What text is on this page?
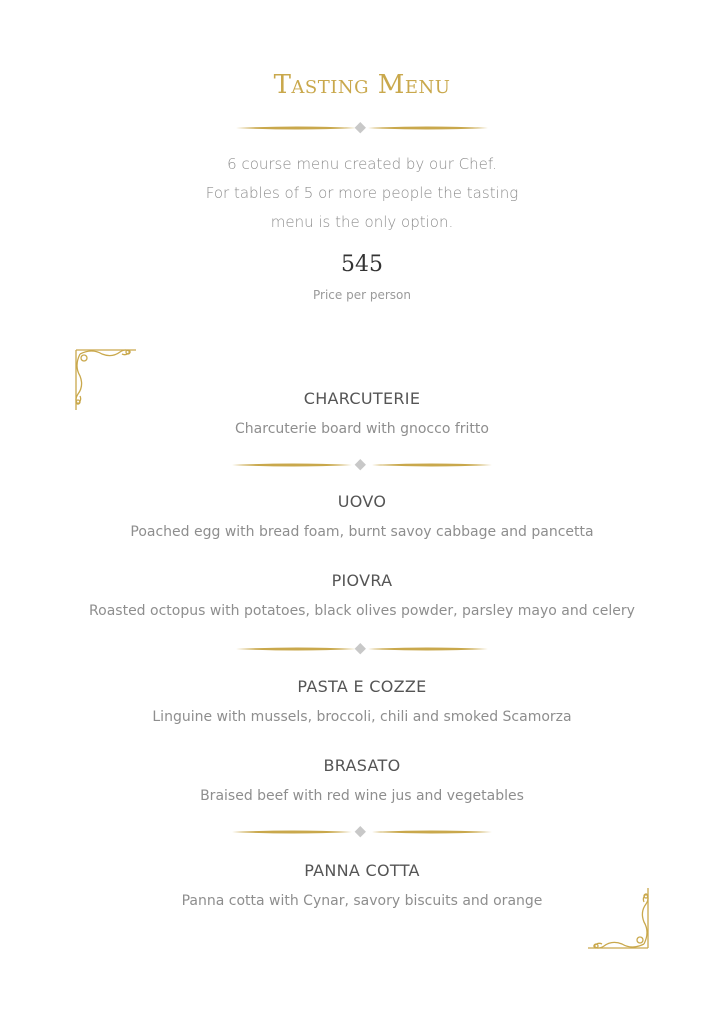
Tasting Menu
6 course menu created by our Chef.
For tables of 5 or more people the tasting
menu is the only option.
545
Price per person
CHARCUTERIE
Charcuterie board with gnocco fritto
UOVO
Poached egg with bread foam, burnt savoy cabbage and pancetta
PIOVRA
Roasted octopus with potatoes, black olives powder, parsley mayo and celery
PASTA E COZZE
Linguine with mussels, broccoli, chili and smoked Scamorza
BRASATO
Braised beef with red wine jus and vegetables
PANNA COTTA
Panna cotta with Cynar, savory biscuits and orange
